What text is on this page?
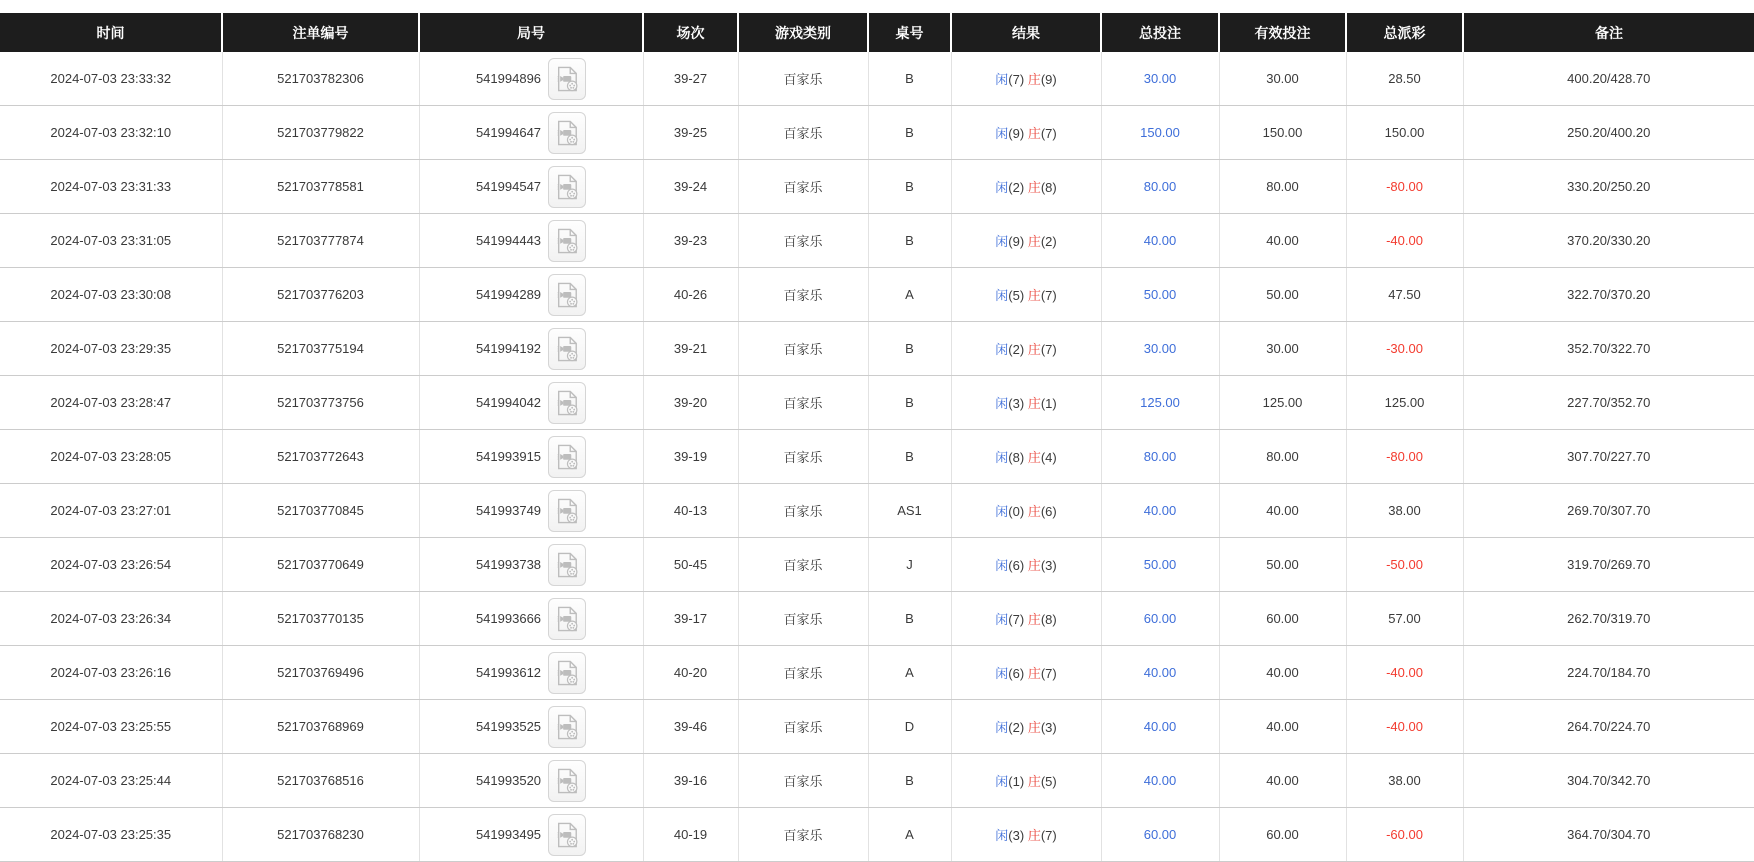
时间	注单编号	局号	场次	游戏类别	桌号	结果	总投注	有效投注	总派彩	备注
2024-07-03 23:33:32	521703782306	541994896	39-27	百家乐	B	闲(7) 庄(9)	30.00	30.00	28.50	400.20/428.70
2024-07-03 23:32:10	521703779822	541994647	39-25	百家乐	B	闲(9) 庄(7)	150.00	150.00	150.00	250.20/400.20
2024-07-03 23:31:33	521703778581	541994547	39-24	百家乐	B	闲(2) 庄(8)	80.00	80.00	-80.00	330.20/250.20
2024-07-03 23:31:05	521703777874	541994443	39-23	百家乐	B	闲(9) 庄(2)	40.00	40.00	-40.00	370.20/330.20
2024-07-03 23:30:08	521703776203	541994289	40-26	百家乐	A	闲(5) 庄(7)	50.00	50.00	47.50	322.70/370.20
2024-07-03 23:29:35	521703775194	541994192	39-21	百家乐	B	闲(2) 庄(7)	30.00	30.00	-30.00	352.70/322.70
2024-07-03 23:28:47	521703773756	541994042	39-20	百家乐	B	闲(3) 庄(1)	125.00	125.00	125.00	227.70/352.70
2024-07-03 23:28:05	521703772643	541993915	39-19	百家乐	B	闲(8) 庄(4)	80.00	80.00	-80.00	307.70/227.70
2024-07-03 23:27:01	521703770845	541993749	40-13	百家乐	AS1	闲(0) 庄(6)	40.00	40.00	38.00	269.70/307.70
2024-07-03 23:26:54	521703770649	541993738	50-45	百家乐	J	闲(6) 庄(3)	50.00	50.00	-50.00	319.70/269.70
2024-07-03 23:26:34	521703770135	541993666	39-17	百家乐	B	闲(7) 庄(8)	60.00	60.00	57.00	262.70/319.70
2024-07-03 23:26:16	521703769496	541993612	40-20	百家乐	A	闲(6) 庄(7)	40.00	40.00	-40.00	224.70/184.70
2024-07-03 23:25:55	521703768969	541993525	39-46	百家乐	D	闲(2) 庄(3)	40.00	40.00	-40.00	264.70/224.70
2024-07-03 23:25:44	521703768516	541993520	39-16	百家乐	B	闲(1) 庄(5)	40.00	40.00	38.00	304.70/342.70
2024-07-03 23:25:35	521703768230	541993495	40-19	百家乐	A	闲(3) 庄(7)	60.00	60.00	-60.00	364.70/304.70
